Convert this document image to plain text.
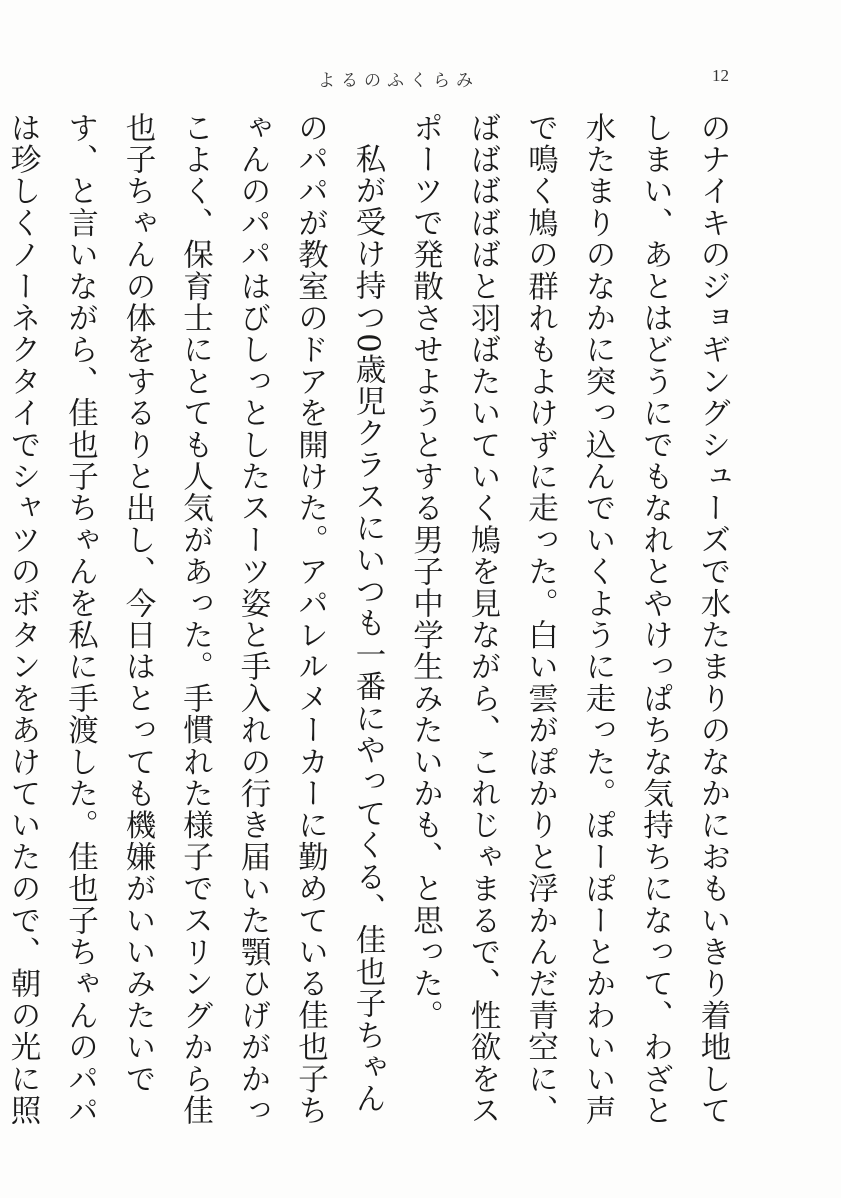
よるのふくらみ	12

のナイキのジョギングシューズで水たまりのなかにおもいきり着地してしまい、あとはどうにでもなれとやけっぱちな気持ちになって、わざと水たまりのなかに突っ込んでいくように走った。ぽーぽーとかわいい声で鳴く鳩の群れもよけずに走った。白い雲がぽかりと浮かんだ青空に、ばばばばばと羽ばたいていく鳩を見ながら、これじゃまるで、性欲をスポーツで発散させようとする男子中学生みたいかも、と思った。

私が受け持つ0歳児クラスにいつも一番にやってくる、佳也子ちゃんのパパが教室のドアを開けた。アパレルメーカーに勤めている佳也子ちゃんのパパはびしっとしたスーツ姿と手入れの行き届いた顎ひげがかっこよく、保育士にとても人気があった。手慣れた様子でスリングから佳也子ちゃんの体をするりと出し、今日はとっても機嫌がいいみたいです、と言いながら、佳也子ちゃんを私に手渡した。佳也子ちゃんのパパは珍しくノーネクタイでシャツのボタンをあけていたので、朝の光に照
